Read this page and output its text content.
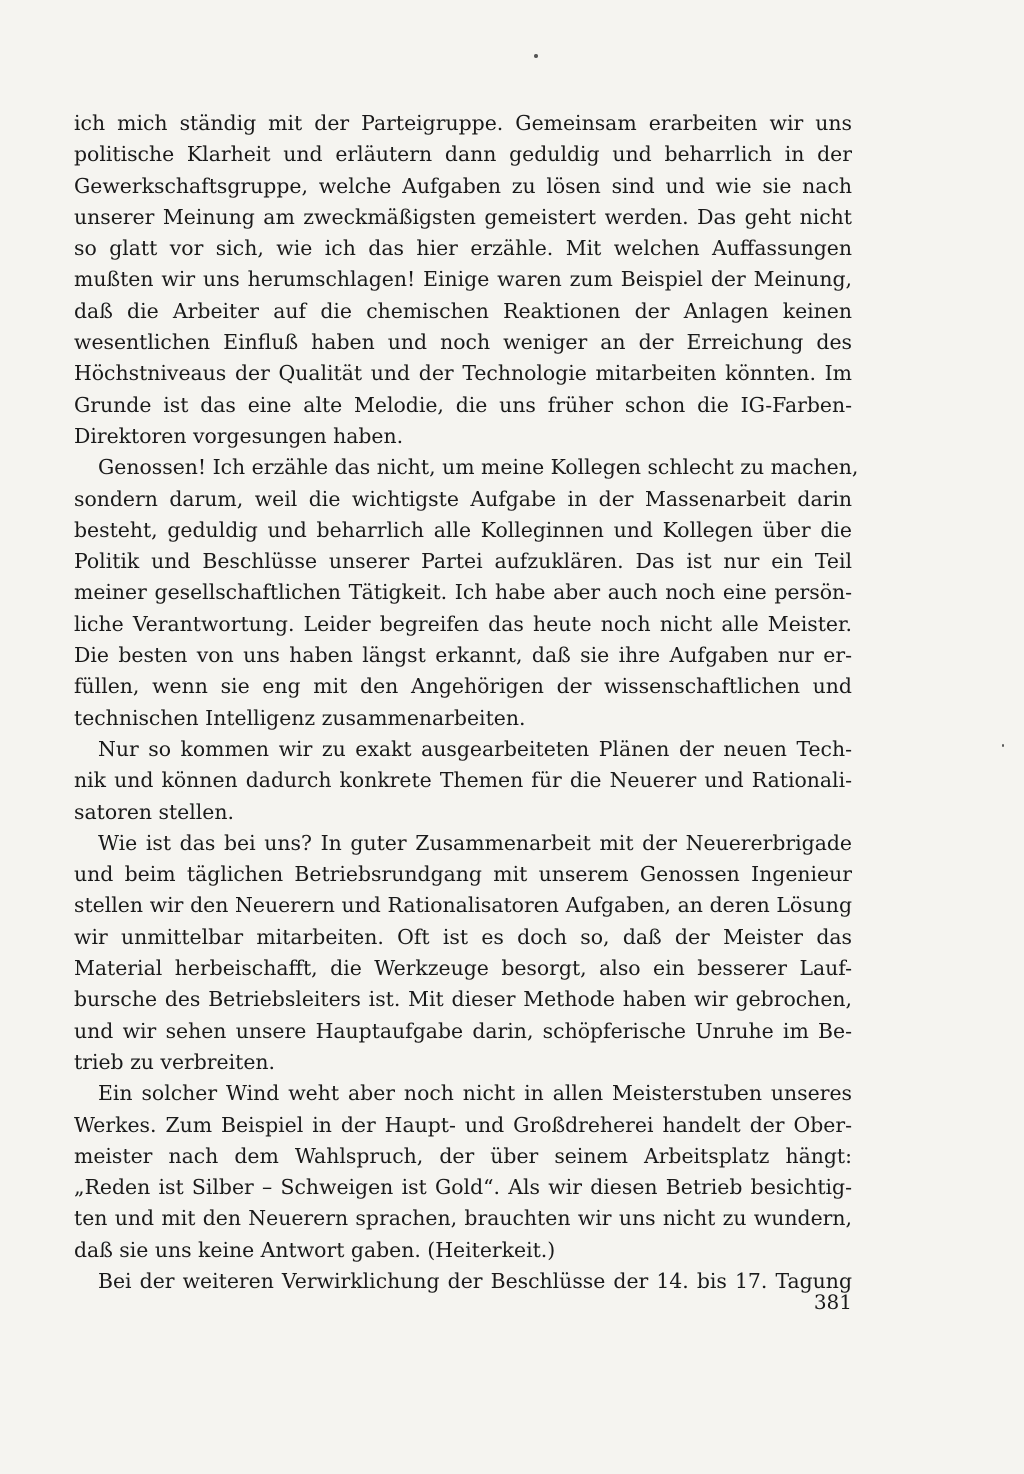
ich mich ständig mit der Parteigruppe. Gemeinsam erarbeiten wir uns
politische Klarheit und erläutern dann geduldig und beharrlich in der
Gewerkschaftsgruppe, welche Aufgaben zu lösen sind und wie sie nach
unserer Meinung am zweckmäßigsten gemeistert werden. Das geht nicht
so glatt vor sich, wie ich das hier erzähle. Mit welchen Auffassungen
mußten wir uns herumschlagen! Einige waren zum Beispiel der Meinung,
daß die Arbeiter auf die chemischen Reaktionen der Anlagen keinen
wesentlichen Einfluß haben und noch weniger an der Erreichung des
Höchstniveaus der Qualität und der Technologie mitarbeiten könnten. Im
Grunde ist das eine alte Melodie, die uns früher schon die IG-Farben-
Direktoren vorgesungen haben.
Genossen! Ich erzähle das nicht, um meine Kollegen schlecht zu machen,
sondern darum, weil die wichtigste Aufgabe in der Massenarbeit darin
besteht, geduldig und beharrlich alle Kolleginnen und Kollegen über die
Politik und Beschlüsse unserer Partei aufzuklären. Das ist nur ein Teil
meiner gesellschaftlichen Tätigkeit. Ich habe aber auch noch eine persön-
liche Verantwortung. Leider begreifen das heute noch nicht alle Meister.
Die besten von uns haben längst erkannt, daß sie ihre Aufgaben nur er-
füllen, wenn sie eng mit den Angehörigen der wissenschaftlichen und
technischen Intelligenz zusammenarbeiten.
Nur so kommen wir zu exakt ausgearbeiteten Plänen der neuen Tech-
nik und können dadurch konkrete Themen für die Neuerer und Rationali-
satoren stellen.
Wie ist das bei uns? In guter Zusammenarbeit mit der Neuererbrigade
und beim täglichen Betriebsrundgang mit unserem Genossen Ingenieur
stellen wir den Neuerern und Rationalisatoren Aufgaben, an deren Lösung
wir unmittelbar mitarbeiten. Oft ist es doch so, daß der Meister das
Material herbeischafft, die Werkzeuge besorgt, also ein besserer Lauf-
bursche des Betriebsleiters ist. Mit dieser Methode haben wir gebrochen,
und wir sehen unsere Hauptaufgabe darin, schöpferische Unruhe im Be-
trieb zu verbreiten.
Ein solcher Wind weht aber noch nicht in allen Meisterstuben unseres
Werkes. Zum Beispiel in der Haupt- und Großdreherei handelt der Ober-
meister nach dem Wahlspruch, der über seinem Arbeitsplatz hängt:
„Reden ist Silber – Schweigen ist Gold“. Als wir diesen Betrieb besichtig-
ten und mit den Neuerern sprachen, brauchten wir uns nicht zu wundern,
daß sie uns keine Antwort gaben. (Heiterkeit.)
Bei der weiteren Verwirklichung der Beschlüsse der 14. bis 17. Tagung
381
